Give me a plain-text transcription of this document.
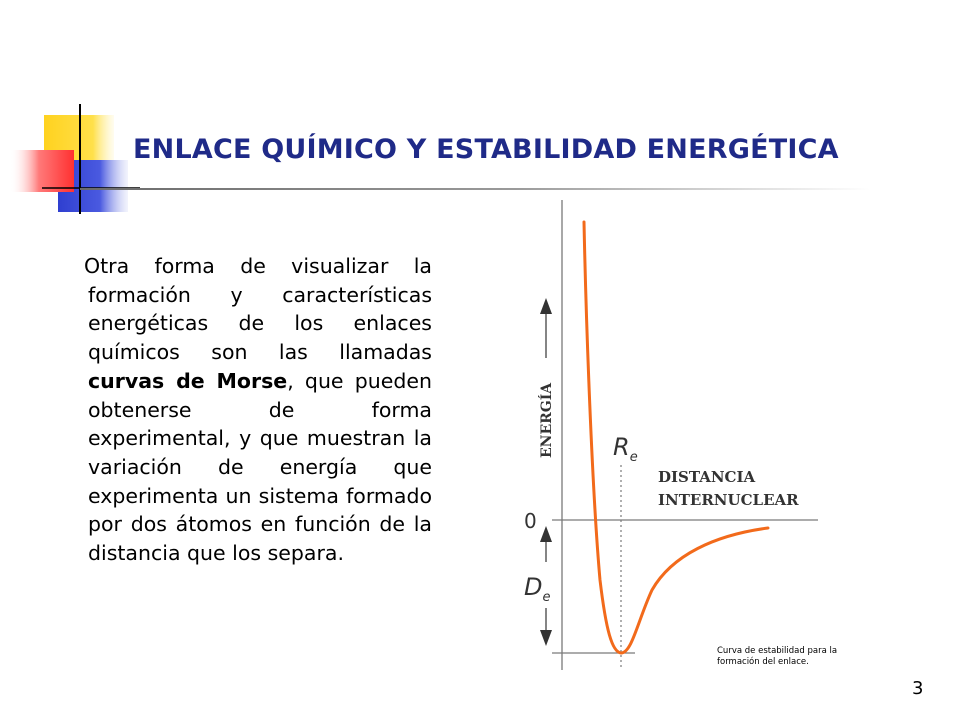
ENLACE QUÍMICO Y ESTABILIDAD ENERGÉTICA

Otra forma de visualizar la formación y características energéticas de los enlaces químicos son las llamadas curvas de Morse, que pueden obtenerse de forma experimental, y que muestran la variación de energía que experimenta un sistema formado por dos átomos en función de la distancia que los separa.

ENERGÍA
0
DISTANCIA
INTERNUCLEAR
$R_e$
$D_e$

Curva de estabilidad para la formación del enlace.

3
